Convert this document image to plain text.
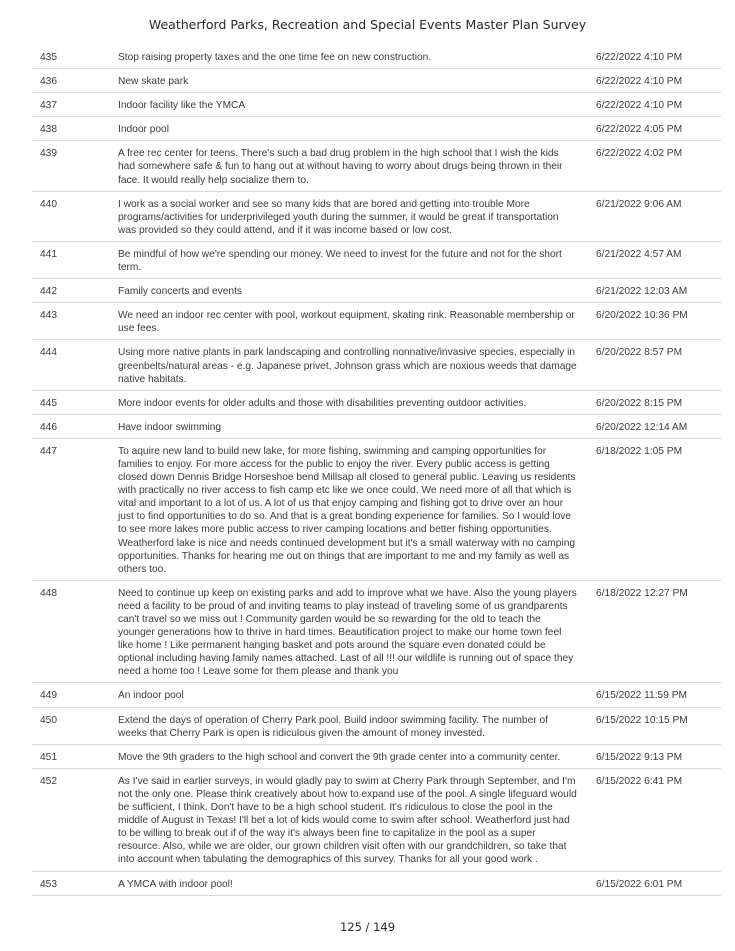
Weatherford Parks, Recreation and Special Events Master Plan Survey
435	Stop raising property taxes and the one time fee on new construction.	6/22/2022 4:10 PM
436	New skate park	6/22/2022 4:10 PM
437	Indoor facility like the YMCA	6/22/2022 4:10 PM
438	Indoor pool	6/22/2022 4:05 PM
439	A free rec center for teens. There's such a bad drug problem in the high school that I wish the kids had somewhere safe & fun to hang out at without having to worry about drugs being thrown in their face. It would really help socialize them to.	6/22/2022 4:02 PM
440	I work as a social worker and see so many kids that are bored and getting into trouble More programs/activities for underprivileged youth during the summer, it would be great if transportation was provided so they could attend, and if it was income based or low cost.	6/21/2022 9:06 AM
441	Be mindful of how we're spending our money. We need to invest for the future and not for the short term.	6/21/2022 4:57 AM
442	Family concerts and events	6/21/2022 12:03 AM
443	We need an indoor rec center with pool, workout equipment, skating rink. Reasonable membership or use fees.	6/20/2022 10:36 PM
444	Using more native plants in park landscaping and controlling nonnative/invasive species, especially in greenbelts/natural areas - e.g. Japanese privet, Johnson grass which are noxious weeds that damage native habitats.	6/20/2022 8:57 PM
445	More indoor events for older adults and those with disabilities preventing outdoor activities.	6/20/2022 8:15 PM
446	Have indoor swimming	6/20/2022 12:14 AM
447	To aquire new land to build new lake, for more fishing, swimming and camping opportunities for families to enjoy. For more access for the public to enjoy the river. Every public access is getting closed down Dennis Bridge Horseshoe bend Millsap all closed to general public. Leaving us residents with practically no river access to fish camp etc like we once could. We need more of all that which is vital and important to a lot of us. A lot of us that enjoy camping and fishing got to drive over an hour just to find opportunities to do so. And that is a great bonding experience for families. So I would love to see more lakes more public access to river camping locations and better fishing opportunities. Weatherford lake is nice and needs continued development but it's a small waterway with no camping opportunities. Thanks for hearing me out on things that are important to me and my family as well as others too.	6/18/2022 1:05 PM
448	Need to continue up keep on existing parks and add to improve what we have. Also the young players need a facility to be proud of and inviting teams to play instead of traveling some of us grandparents can't travel so we miss out ! Community garden would be so rewarding for the old to teach the younger generations how to thrive in hard times. Beautification project to make our home town feel like home ! Like permanent hanging basket and pots around the square even donated could be optional including having family names attached. Last of all !!! our wildlife is running out of space they need a home too ! Leave some for them please and thank you	6/18/2022 12:27 PM
449	An indoor pool	6/15/2022 11:59 PM
450	Extend the days of operation of Cherry Park pool. Build indoor swimming facility. The number of weeks that Cherry Park is open is ridiculous given the amount of money invested.	6/15/2022 10:15 PM
451	Move the 9th graders to the high school and convert the 9th grade center into a community center.	6/15/2022 9:13 PM
452	As I've said in earlier surveys, in would gladly pay to swim at Cherry Park through September, and I'm not the only one. Please think creatively about how to expand use of the pool. A single lifeguard would be sufficient, I think. Don't have to be a high school student. It's ridiculous to close the pool in the middle of August in Texas! I'll bet a lot of kids would come to swim after school. Weatherford just had to be willing to break out if of the way it's always been fine to capitalize in the pool as a super resource. Also, while we are older, our grown children visit often with our grandchildren, so take that into account when tabulating the demographics of this survey. Thanks for all your good work .	6/15/2022 6:41 PM
453	A YMCA with indoor pool!	6/15/2022 6:01 PM
125 / 149
